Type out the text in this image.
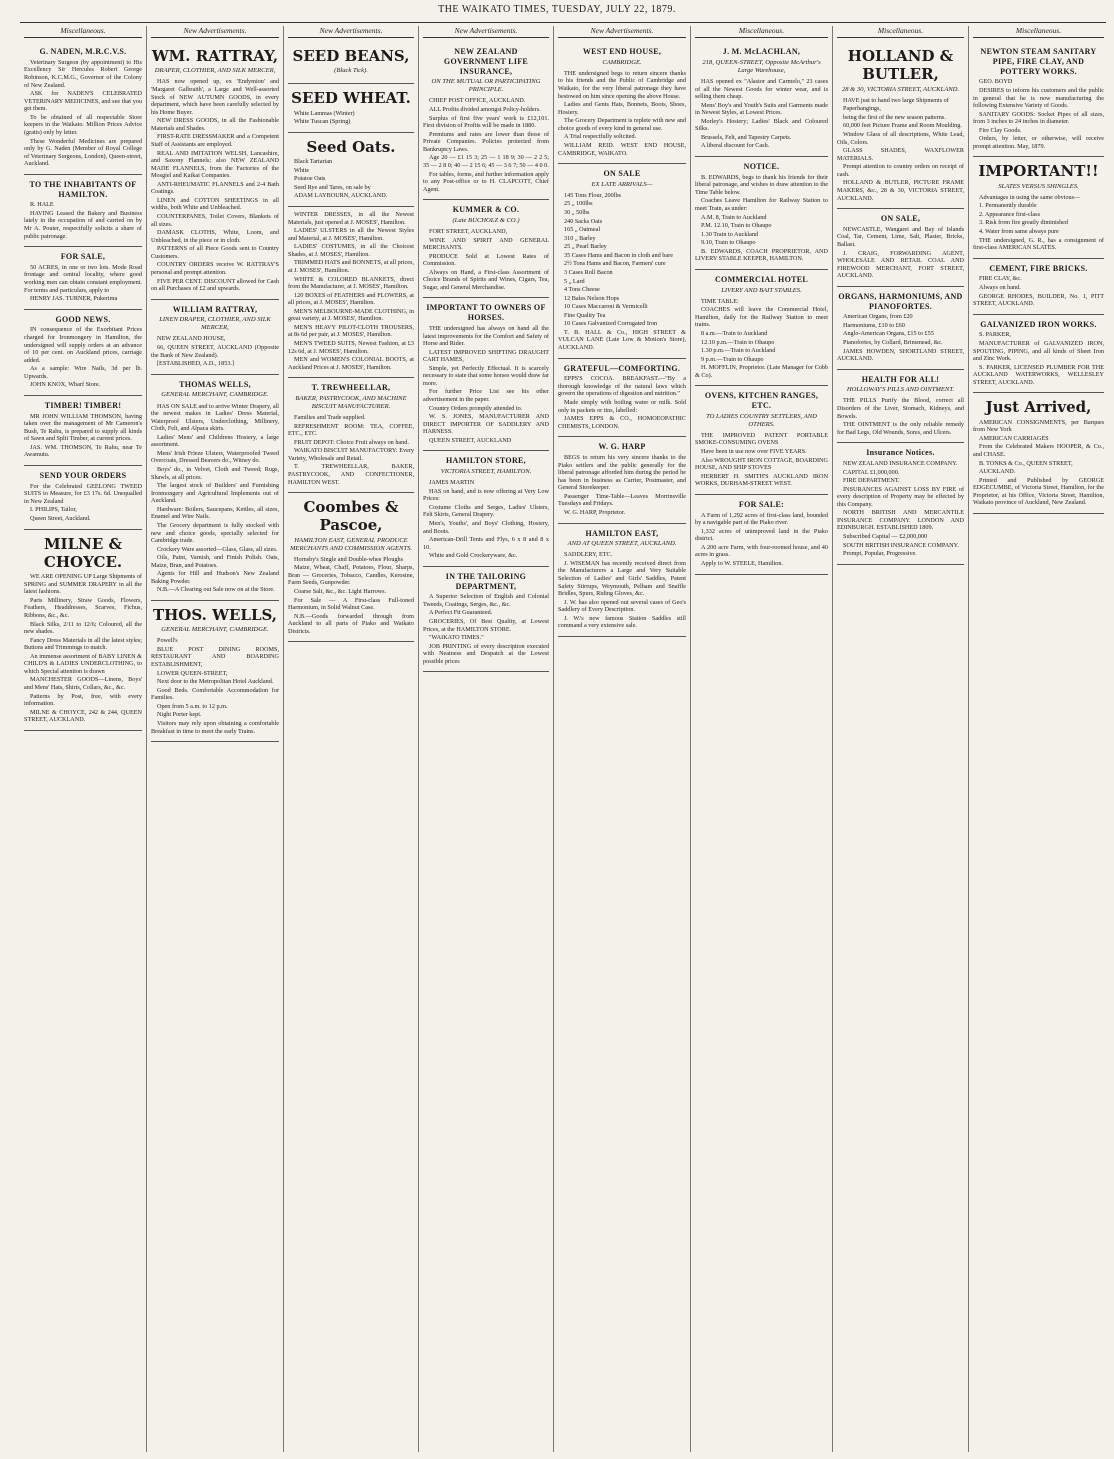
THE WAIKATO TIMES, TUESDAY, JULY 22, 1879.
Miscellaneous.
G. NADEN, M.R.C.V.S.

Veterinary Surgeon (by appointment) to His Excellency Sir Hercules Robert George Robinson, K.C.M.G., Governor of the Colony of New Zealand.

ASK for NADEN'S CELEBRATED VETERINARY MEDICINES, and see that you get them.

To be obtained of all respectable Store keepers in the Waikato. Million Prices Advice (gratis) only by letter.

These Wonderful Medicines are prepared only by G. Naden (Member of Royal College of Veterinary Surgeons, London), Queen-street, Auckland.

TO THE INHABITANTS OF HAMILTON.

R. HALE

HAVING Leased the Bakery and Business lately in the occupation of and carried on by Mr A. Pouter, respectfully solicits a share of public patronage.

FOR SALE,

50 ACRES, in one or two lots. Mode Road frontage and central locality, where good working men can obtain constant employment. For terms and particulars, apply to

HENRY JAS. TURNER, Pukerimu

GOOD NEWS.

IN consequence of the Exorbitant Prices charged for Ironmongery in Hamilton, the undersigned will supply orders at an advance of 10 per cent. on Auckland prices, carriage added.

As a sample: Wire Nails, 3d per lb. Upwards.

JOHN KNOX, Wharf Store.

TIMBER! TIMBER!

MR JOHN WILLIAM THOMSON, having taken over the management of Mr Cameron's Bush, Te Rahu, is prepared to supply all kinds of Sawn and Split Timber, at current prices.

JAS. WM. THOMSON, Te Rahu, near Te Awamutu.

SEND YOUR ORDERS

For the Celebrated GEELONG TWEED SUITS to Measure, for £3 17s. 6d. Unequalled in New Zealand

I. PHILIPS, Tailor,

Queen Street, Auckland.

MILNE & CHOYCE.

WE ARE OPENING UP Large Shipments of SPRING and SUMMER DRAPERY in all the latest fashions.

Paris Millinery, Straw Goods, Flowers, Feathers, Headdresses, Scarves, Fichus, Ribbons, &c., &c.

Black Silks, 2/11 to 12/6; Coloured, all the new shades.

Fancy Dress Materials in all the latest styles; Buttons and Trimmings to match.

An immense assortment of BABY LINEN & CHILD'S & LADIES UNDERCLOTHING, to which Special attention is drawn

MANCHESTER GOODS—Linens, Boys' and Mens' Hats, Shirts, Collars, &c., &c.

Patterns by Post, free, with every information.

MILNE & CHOYCE, 242 & 244, QUEEN STREET, AUCKLAND.

New Advertisements.
WM. RATTRAY,
DRAPER, CLOTHIER, AND SILK MERCER,

HAS now opened up, ex 'Endymion' and 'Margaret Galbraith', a Large and Well-assorted Stock of NEW AUTUMN GOODS, in every department, which have been carefully selected by his Home Buyer.

NEW DRESS GOODS, in all the Fashionable Materials and Shades.

FIRST-RATE DRESSMAKER and a Competent Staff of Assistants are employed.

REAL AND IMITATION WELSH, Lancashire, and Saxony Flannels; also NEW ZEALAND MADE FLANNELS, from the Factories of the Mosgiel and Kaikai Companies.

ANTI-RHEUMATIC FLANNELS and 2-4 Bath Coatings.

LINEN and COTTON SHEETINGS in all widths, both White and Unbleached.

COUNTERPANES, Toilet Covers, Blankets of all sizes.

DAMASK CLOTHS, White, Loom, and Unbleached, in the piece or in cloth.

PATTERNS of all Piece Goods sent to Country Customers.

COUNTRY ORDERS receive W. RATTRAY'S personal and prompt attention.

FIVE PER CENT. DISCOUNT allowed for Cash on all Purchases of £2 and upwards.

WILLIAM RATTRAY,
LINEN DRAPER, CLOTHIER, AND SILK MERCER,

NEW ZEALAND HOUSE,

66, QUEEN STREET, AUCKLAND (Opposite the Bank of New Zealand).

[ESTABLISHED, A.D., 1853.]

THOMAS WELLS,
GENERAL MERCHANT, CAMBRIDGE.

HAS ON SALE and to arrive Winter Drapery, all the newest makes in Ladies' Dress Material, Waterproof Ulsters, Underclothing, Millinery, Cloth, Felt, and Alpaca skirts.

Ladies' Mens' and Childrens Hosiery, a large assortment.

Mens' Irish Frieze Ulsters, Waterproofed Tweed Overcoats, Dressed Beavers do., Witney do.

Boys' do., in Velvet, Cloth and Tweed; Rugs, Shawls, at all prices.

The largest stock of Builders' and Furnishing Ironmongery and Agricultural Implements out of Auckland.

Hardware: Boilers, Saucepans, Kettles, all sizes, Enamel and Wire Nails.

The Grocery department is fully stocked with new and choice goods, specially selected for Cambridge trade.

Crockery Ware assorted—Glass, Glass, all sizes.

Oils, Paint, Varnish, and Finish Polish. Oats, Maize, Bran, and Potatoes.

Agents for Hill and Hudson's New Zealand Baking Powder.

N.B.—A Clearing out Sale now on at the Store.

THOS. WELLS,
GENERAL MERCHANT, CAMBRIDGE.

Powell's

BLUE POST DINING ROOMS, RESTAURANT AND BOARDING ESTABLISHMENT,

LOWER QUEEN-STREET,

Next door to the Metropolitan Hotel Auckland.

Good Beds. Comfortable Accommodation for Families.

Open from 5 a.m. to 12 p.m.

Night Porter kept.

Visitors may rely upon obtaining a comfortable Breakfast in time to meet the early Trains.

New Advertisements.
SEED BEANS,
(Black Tick).
SEED WHEAT.

White Lammas (Winter)

White Tuscan (Spring)

Seed Oats.

Black Tartarian

White

Potatoe Oats

Seed Rye and Tares, on sale by

ADAM LAYBOURN, AUCKLAND.

WINTER DRESSES, in all the Newest Materials, just opened at J. MOSES', Hamilton.

LADIES' ULSTERS in all the Newest Styles and Material, at J. MOSES', Hamilton.

LADIES' COSTUMES, in all the Choicest Shades, at J. MOSES', Hamilton.

TRIMMED HATS and BONNETS, at all prices, at J. MOSES', Hamilton.

WHITE & COLORED BLANKETS, direct from the Manufacturer, at J. MOSES', Hamilton.

120 BOXES of FEATHERS and FLOWERS, at all prices, at J. MOSES', Hamilton.

MEN'S MELBOURNE-MADE CLOTHING, in great variety, at J. MOSES', Hamilton.

MEN'S HEAVY PILOT-CLOTH TROUSERS, at 8s 6d per pair, at J. MOSES', Hamilton.

MEN'S TWEED SUITS, Newest Fashion, at £3 12s 6d, at J. MOSES', Hamilton.

MEN and WOMEN'S COLONIAL BOOTS, at Auckland Prices at J. MOSES', Hamilton.

T. TREWHEELLAR,
BAKER, PASTRYCOOK, AND MACHINE BISCUIT MANUFACTURER.

Families and Trade supplied.

REFRESHMENT ROOM: TEA, COFFEE, ETC., ETC.

FRUIT DEPOT: Choice Fruit always on hand.

WAIKATO BISCUIT MANUFACTORY: Every Variety, Wholesale and Retail.

T. TREWHEELLAR, BAKER, PASTRYCOOK, AND CONFECTIONER, HAMILTON WEST.

Coombes & Pascoe,
HAMILTON EAST, GENERAL PRODUCE MERCHANTS AND COMMISSION AGENTS.

Hornsby's Single and Double-whee Ploughs

Maize, Wheat, Chaff, Potatoes, Flour, Sharps, Bran — Groceries, Tobacco, Candles, Kerosine, Farm Seeds, Gunpowder.

Coarse Salt, &c., &c. Light Harrows.

For Sale — A First-class Full-toned Harmonium, in Solid Walnut Case.

N.B.—Goods forwarded through from Auckland to all parts of Piako and Waikato Districts.

New Advertisements.
NEW ZEALAND GOVERNMENT LIFE INSURANCE,
ON THE MUTUAL OR PARTICIPATING PRINCIPLE.

CHIEF POST OFFICE, AUCKLAND.

ALL Profits divided amongst Policy-holders.

Surplus of first five years' work is £12,101. First division of Profits will be made in 1880.

Premiums and rates are lower than those of Private Companies. Policies protected from Bankruptcy Laws.

Age 20 — £1 15 3; 25 — 1 18 9; 30 — 2 2 5; 35 — 2 8 0; 40 — 2 15 6; 45 — 3 6 7; 50 — 4 0 0.

For tables, forms, and further information apply to any Post-office or to H. CLAPCOTT, Chief Agent.

KUMMER & CO.
(Late BUCHOLZ & CO.)

FORT STREET, AUCKLAND,

WINE AND SPIRIT AND GENERAL MERCHANTS.

PRODUCE Sold at Lowest Rates of Commission.

Always on Hand, a First-class Assortment of Choice Brands of Spirits and Wines, Cigars, Tea, Sugar, and General Merchandise.

IMPORTANT TO OWNERS OF HORSES.

THE undersigned has always on hand all the latest improvements for the Comfort and Safety of Horse and Rider.

LATEST IMPROVED SHIFTING DRAUGHT CART HAMES,

Simple, yet Perfectly Effectual. It is scarcely necessary to state that some horses would draw far more.

For further Price List see his other advertisement in the paper.

Country Orders promptly attended to.

W. S. JONES, MANUFACTURER AND DIRECT IMPORTER OF SADDLERY AND HARNESS.

QUEEN STREET, AUCKLAND

HAMILTON STORE,
VICTORIA STREET, HAMILTON.

JAMES MARTIN

HAS on hand, and is now offering at Very Low Prices:

Costume Cloths and Serges, Ladies' Ulsters, Felt Skirts, General Drapery.

Men's, Youths', and Boys' Clothing, Hosiery, and Boots.

American-Drill Tents and Flys, 6 x 8 and 8 x 10.

White and Gold Crockeryware, &c.

IN THE TAILORING DEPARTMENT,

A Superior Selection of English and Colonial Tweeds, Coatings, Serges, &c., &c.

A Perfect Fit Guaranteed.

GROCERIES, Of Best Quality, at Lowest Prices, at the HAMILTON STORE.

"WAIKATO TIMES."

JOB PRINTING of every description executed with Neatness and Despatch at the Lowest possible prices

New Advertisements.
WEST END HOUSE,
CAMBRIDGE.

THE undersigned begs to return sincere thanks to his friends and the Public of Cambridge and Waikato, for the very liberal patronage they have bestowed on him since opening the above House.

Ladies and Gents Hats, Bonnets, Boots, Shoes, Hosiery.

The Grocery Department is replete with new and choice goods of every kind in general use.

A Trial respectfully solicited.

WILLIAM REID. WEST END HOUSE, CAMBRIDGE, WAIKATO.

ON SALE
EX LATE ARRIVALS—

145 Tons Flour, 200lbs

25 „ 100lbs

30 „ 50lbs

240 Sacks Oats

165 „ Oatmeal

310 „ Barley

25 „ Pearl Barley

35 Cases Hams and Bacon in cloth and bare

2½ Tons Hams and Bacon, Farmers' cure

3 Cases Roll Bacon

5 „ Lard

4 Tons Cheese

12 Bales Nelson Hops

10 Cases Maccaroni & Vermicelli

Fine Quality Tea

10 Cases Galvanized Corrugated Iron

T. B. HALL & Co., HIGH STREET & VULCAN LANE (Late Low & Motion's Store), AUCKLAND.

GRATEFUL—COMFORTING.

EPPS'S COCOA. BREAKFAST.—"By a thorough knowledge of the natural laws which govern the operations of digestion and nutrition."

Made simply with boiling water or milk. Sold only in packets or tins, labelled:

JAMES EPPS & CO., HOMOEOPATHIC CHEMISTS, LONDON.

W. G. HARP

BEGS to return his very sincere thanks to the Piako settlers and the public generally for the liberal patronage afforded him during the period he has been in business as Carrier, Postmaster, and General Storekeeper.

Passenger Time-Table—Leaves Morrinsville Tuesdays and Fridays.

W. G. HARP, Proprietor.

HAMILTON EAST,
AND AT QUEEN STREET, AUCKLAND.

SADDLERY, ETC.

J. WISEMAN has recently received direct from the Manufacturers a Large and Very Suitable Selection of Ladies' and Girls' Saddles, Patent Safety Stirrups, Weymouth, Pelham and Snaffle Bridles, Spurs, Riding Gloves, &c.

J. W. has also opened out several cases of Geo's Saddlery of Every Description.

J. W.'s new famous Station Saddles still command a very extensive sale.

Miscellaneous.
J. M. McLACHLAN,
218, QUEEN-STREET, Opposite McArthur's Large Warehouse,

HAS opened ex "Alastor and Carmelo," 23 cases of all the Newest Goods for winter wear, and is selling them cheap.

Mens' Boy's and Youth's Suits and Garments made in Newest Styles, at Lowest Prices.

Morley's Hosiery; Ladies' Black and Coloured Silks.

Brussels, Felt, and Tapestry Carpets.

A liberal discount for Cash.

NOTICE.

B. EDWARDS, begs to thank his friends for their liberal patronage, and wishes to draw attention to the Time Table below.

Coaches Leave Hamilton for Railway Station to meet Train, as under:

A.M. 8, Train to Auckland

P.M. 12.10, Train to Ohaupo

1.30 Train to Auckland

9.10, Train to Ohaupo

B. EDWARDS, COACH PROPRIETOR, AND LIVERY STABLE KEEPER, HAMILTON.

COMMERCIAL HOTEL
LIVERY AND BAIT STABLES.

TIME TABLE:

COACHES will leave the Commercial Hotel, Hamilton, daily for the Railway Station to meet trains.

8 a.m.—Train to Auckland

12.10 p.m.—Train to Ohaupo

1.30 p.m.—Train to Auckland

9 p.m.—Train to Ohaupo

H. MOFFLIN, Proprietor. (Late Manager for Cobb & Co).

OVENS, KITCHEN RANGES, ETC.
TO LADIES COUNTRY SETTLERS, AND OTHERS.

THE IMPROVED PATENT PORTABLE SMOKE-CONSUMING OVENS

Have been in use now over FIVE YEARS.

Also WROUGHT IRON COTTAGE, BOARDING HOUSE, AND SHIP STOVES

HERBERT H. SMITH'S AUCKLAND IRON WORKS, DURHAM-STREET WEST.

FOR SALE:

A Farm of 1,292 acres of first-class land, bounded by a navigable part of the Piako river.

1,332 acres of unimproved land in the Piako district.

A 200 acre Farm, with four-roomed house, and 40 acres in grass.

Apply to W. STEELE, Hamilton.

Miscellaneous.
HOLLAND & BUTLER,
28 & 30, VICTORIA STREET, AUCKLAND.

HAVE just to hand two large Shipments of

Paperhangings,

being the first of the new season patterns.

60,000 feet Picture Frame and Room Moulding.

Window Glass of all descriptions, White Lead, Oils, Colors.

GLASS SHADES, WAXFLOWER MATERIALS.

Prompt attention to country orders on receipt of cash.

HOLLAND & BUTLER, PICTURE FRAME MAKERS, &c., 28 & 30, VICTORIA STREET, AUCKLAND.

ON SALE,

NEWCASTLE, Wangarei and Bay of Islands Coal, Tar, Cement, Lime, Salt, Plaster, Bricks, Ballast.

J. CRAIG, FORWARDING AGENT, WHOLESALE AND RETAIL COAL AND FIREWOOD MERCHANT, FORT STREET, AUCKLAND.

ORGANS, HARMONIUMS, AND PIANOFORTES.

American Organs, from £20

Harmoniums, £10 to £60

Anglo-American Organs, £15 to £55

Pianofortes, by Collard, Brinsmead, &c.

JAMES HOWDEN, SHORTLAND STREET, AUCKLAND.

HEALTH FOR ALL!
HOLLOWAY'S PILLS AND OINTMENT.

THE PILLS Purify the Blood, correct all Disorders of the Liver, Stomach, Kidneys, and Bowels.

THE OINTMENT is the only reliable remedy for Bad Legs, Old Wounds, Sores, and Ulcers.

Insurance Notices.

NEW ZEALAND INSURANCE COMPANY.

CAPITAL £1,000,000.

FIRE DEPARTMENT.

INSURANCES AGAINST LOSS BY FIRE of every description of Property may be effected by this Company.

NORTH BRITISH AND MERCANTILE INSURANCE COMPANY. LONDON AND EDINBURGH. ESTABLISHED 1809.

Subscribed Capital — £2,000,000

SOUTH BRITISH INSURANCE COMPANY.

Prompt, Popular, Progressive.

Miscellaneous.
NEWTON STEAM SANITARY PIPE, FIRE CLAY, AND POTTERY WORKS.

GEO. BOYD

DESIRES to inform his customers and the public in general that he is now manufacturing the following Extensive Variety of Goods.

SANITARY GOODS: Socket Pipes of all sizes, from 3 inches to 24 inches in diameter.

Fire Clay Goods.

Orders, by letter, or otherwise, will receive prompt attention. May, 1879.

IMPORTANT!!
SLATES VERSUS SHINGLES.

Advantages in using the same obvious—

1. Permanently durable

2. Appearance first-class

3. Risk from fire greatly diminished

4. Water from same always pure

THE undersigned, G. R., has a consignment of first-class AMERICAN SLATES.

CEMENT, FIRE BRICKS.

FIRE CLAY, &c.

Always on hand.

GEORGE RHODES, BUILDER, No. 1, PITT STREET, AUCKLAND.

GALVANIZED IRON WORKS.

S. PARKER,

MANUFACTURER of GALVANIZED IRON, SPOUTING, PIPING, and all kinds of Sheet Iron and Zinc Work.

S. PARKER, LICENSED PLUMBER FOR THE AUCKLAND WATERWORKS, WELLESLEY STREET, AUCKLAND.

Just Arrived,

AMERICAN CONSIGNMENTS, per Barques from New York

AMERICAN CARRIAGES

From the Celebrated Makers HOOPER, & Co., and CHASE.

B. TONKS & Co., QUEEN STREET,

AUCKLAND.

Printed and Published by GEORGE EDGECUMBE, of Victoria Street, Hamilton, for the Proprietor, at his Office, Victoria Street, Hamilton, Waikato province of Auckland, New Zealand.
